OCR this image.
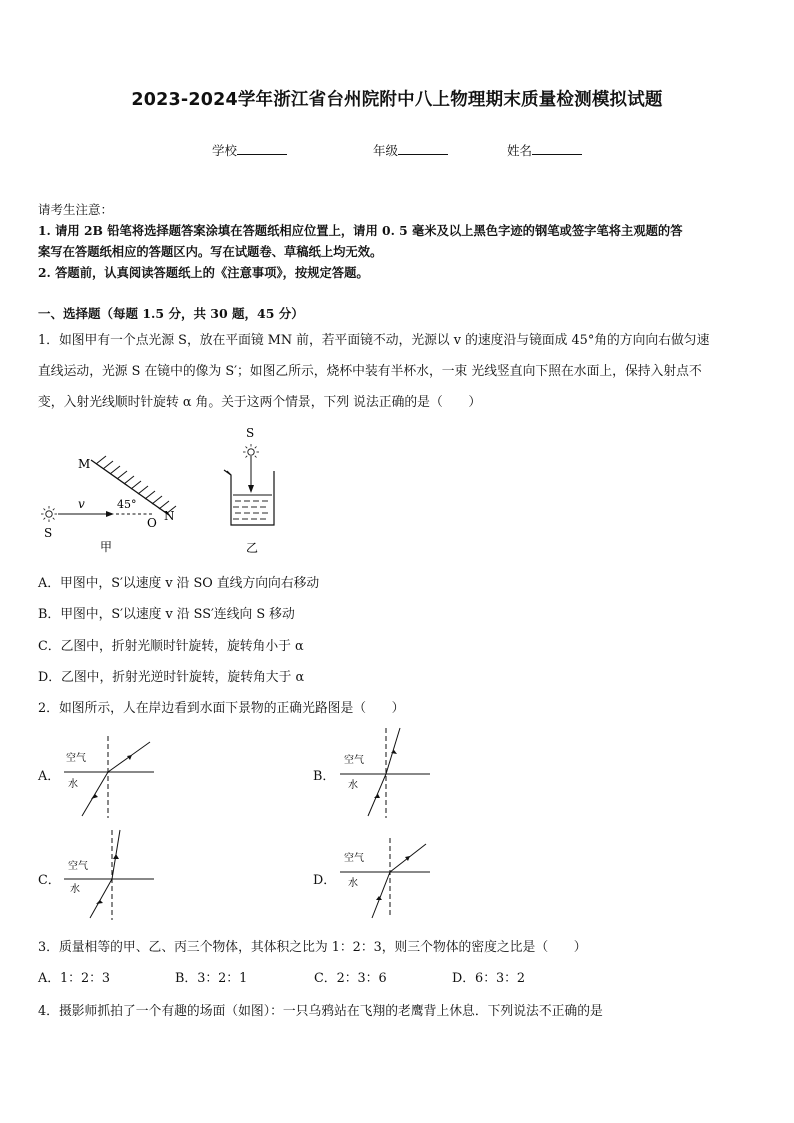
2023-2024学年浙江省台州院附中八上物理期末质量检测模拟试题
学校	年级	姓名
请考生注意：
1. 请用 2B 铅笔将选择题答案涂填在答题纸相应位置上，请用 0. 5 毫米及以上黑色字迹的钢笔或签字笔将主观题的答
案写在答题纸相应的答题区内。写在试题卷、草稿纸上均无效。
2. 答题前，认真阅读答题纸上的《注意事项》，按规定答题。
一、选择题（每题 1.5 分，共 30 题，45 分）
1．如图甲有一个点光源 S，放在平面镜 MN 前，若平面镜不动，光源以 v 的速度沿与镜面成 45°角的方向向右做匀速
直线运动，光源 S 在镜中的像为 S′；如图乙所示，烧杯中装有半杯水，一束 光线竖直向下照在水面上，保持入射点不
变，入射光线顺时针旋转 α 角。关于这两个情景，下列 说法正确的是（　　）
M
N
O
S
v	45°
甲
S
乙
A．甲图中，S′以速度 v 沿 SO 直线方向向右移动
B．甲图中，S′以速度 v 沿 SS′连线向 S 移动
C．乙图中，折射光顺时针旋转，旋转角小于 α
D．乙图中，折射光逆时针旋转，旋转角大于 α
2．如图所示，人在岸边看到水面下景物的正确光路图是（　　）
A．
空气
水
B．
空气
水
C．
空气
水
D．
空气
水
3．质量相等的甲、乙、丙三个物体，其体积之比为 1：2：3，则三个物体的密度之比是（　　）
A．1：2：3	B．3：2：1	C．2：3：6	D．6：3：2
4．摄影师抓拍了一个有趣的场面（如图）：一只乌鸦站在飞翔的老鹰背上休息．下列说法不正确的是
